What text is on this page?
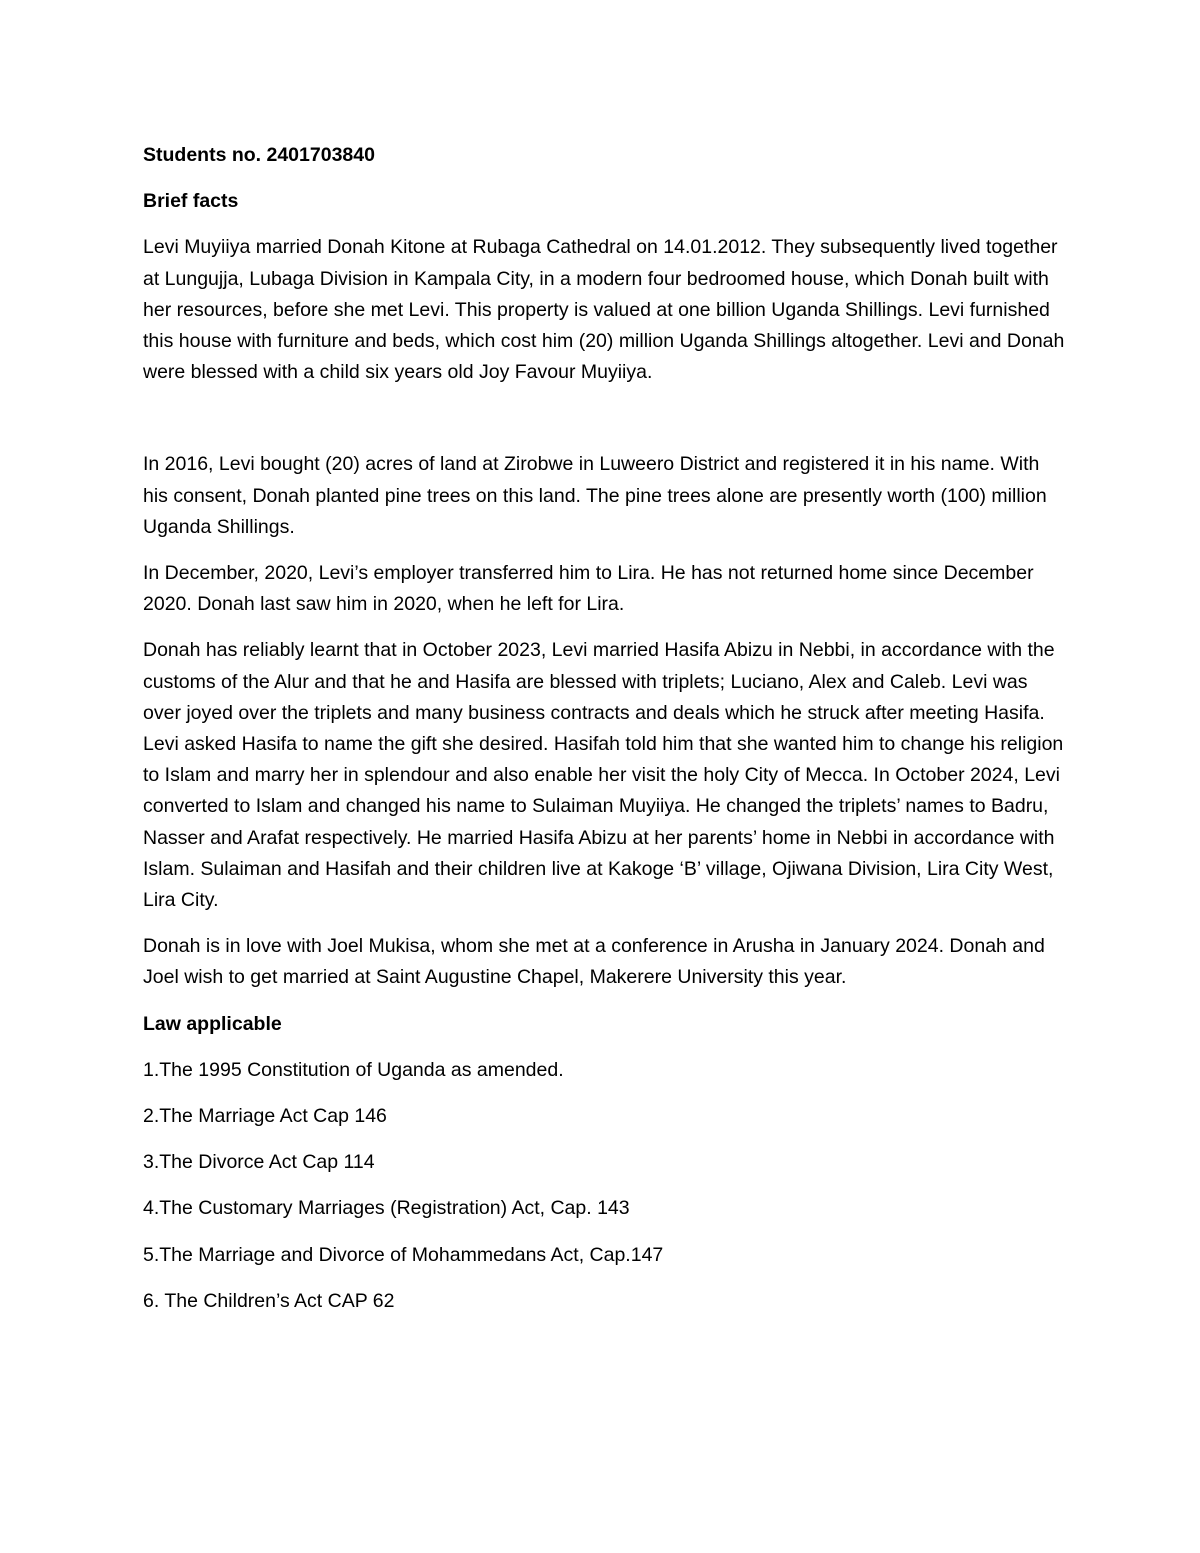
Students no. 2401703840

Brief facts

Levi Muyiiya married Donah Kitone at Rubaga Cathedral on 14.01.2012. They subsequently lived together at Lungujja, Lubaga Division in Kampala City, in a modern four bedroomed house, which Donah built with her resources, before she met Levi. This property is valued at one billion Uganda Shillings. Levi furnished this house with furniture and beds, which cost him (20) million Uganda Shillings altogether. Levi and Donah were blessed with a child six years old Joy Favour Muyiiya.

In 2016, Levi bought (20) acres of land at Zirobwe in Luweero District and registered it in his name. With his consent, Donah planted pine trees on this land. The pine trees alone are presently worth (100) million Uganda Shillings.

In December, 2020, Levi’s employer transferred him to Lira. He has not returned home since December 2020. Donah last saw him in 2020, when he left for Lira.

Donah has reliably learnt that in October 2023, Levi married Hasifa Abizu in Nebbi, in accordance with the customs of the Alur and that he and Hasifa are blessed with triplets; Luciano, Alex and Caleb. Levi was over joyed over the triplets and many business contracts and deals which he struck after meeting Hasifa. Levi asked Hasifa to name the gift she desired. Hasifah told him that she wanted him to change his religion to Islam and marry her in splendour and also enable her visit the holy City of Mecca. In October 2024, Levi converted to Islam and changed his name to Sulaiman Muyiiya. He changed the triplets’ names to Badru, Nasser and Arafat respectively. He married Hasifa Abizu at her parents’ home in Nebbi in accordance with Islam. Sulaiman and Hasifah and their children live at Kakoge ‘B’ village, Ojiwana Division, Lira City West, Lira City.

Donah is in love with Joel Mukisa, whom she met at a conference in Arusha in January 2024. Donah and Joel wish to get married at Saint Augustine Chapel, Makerere University this year.

Law applicable

1.The 1995 Constitution of Uganda as amended.
2.The Marriage Act Cap 146
3.The Divorce Act Cap 114
4.The Customary Marriages (Registration) Act, Cap. 143
5.The Marriage and Divorce of Mohammedans Act, Cap.147
6. The Children’s Act CAP 62
